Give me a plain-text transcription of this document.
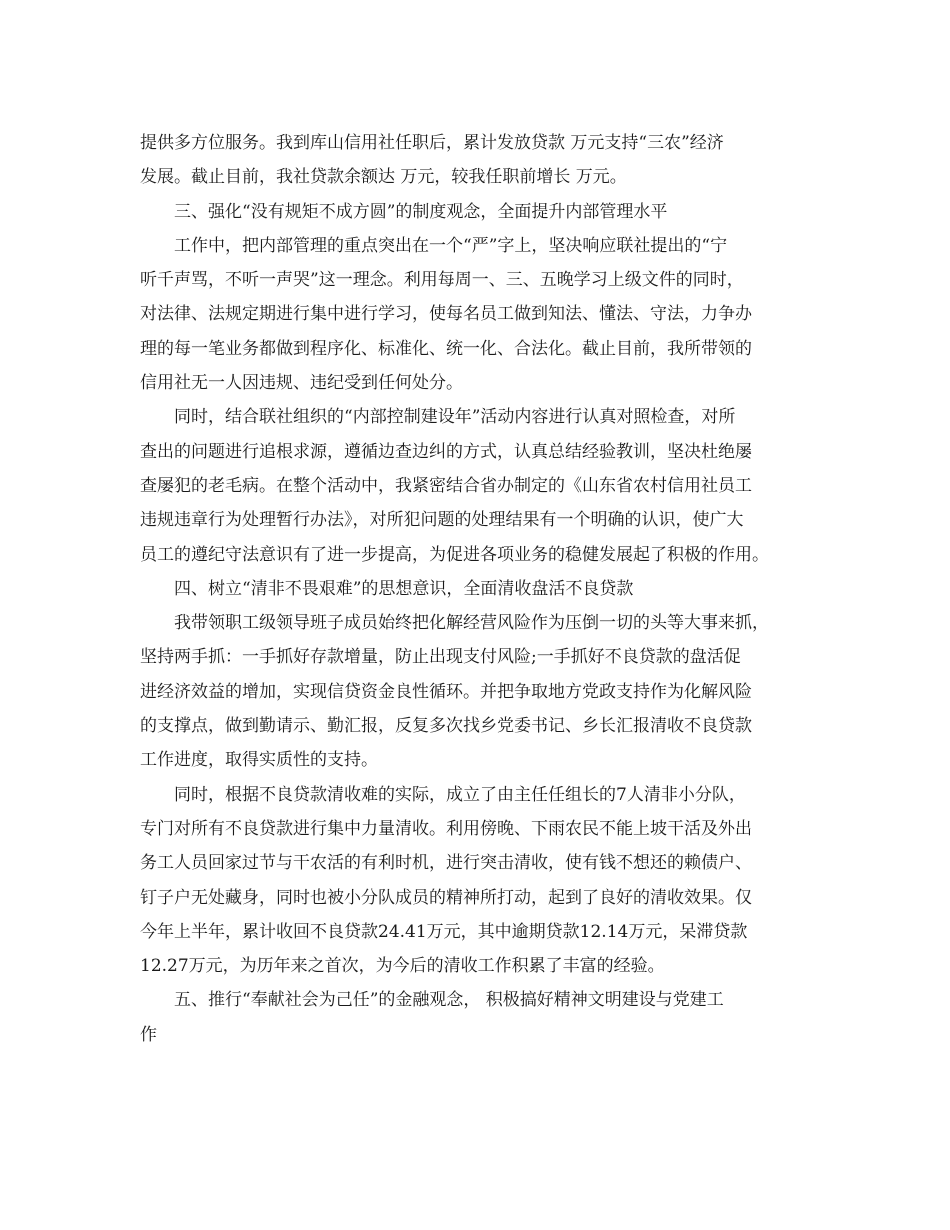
提供多方位服务。我到库山信用社任职后，累计发放贷款 万元支持“三农”经济
发展。截止目前，我社贷款余额达 万元，较我任职前增长 万元。
三、强化“没有规矩不成方圆”的制度观念，全面提升内部管理水平
工作中，把内部管理的重点突出在一个“严”字上，坚决响应联社提出的“宁
听千声骂，不听一声哭”这一理念。利用每周一、三、五晚学习上级文件的同时，
对法律、法规定期进行集中进行学习，使每名员工做到知法、懂法、守法，力争办
理的每一笔业务都做到程序化、标准化、统一化、合法化。截止目前，我所带领的
信用社无一人因违规、违纪受到任何处分。
同时，结合联社组织的“内部控制建设年”活动内容进行认真对照检查，对所
查出的问题进行追根求源，遵循边查边纠的方式，认真总结经验教训，坚决杜绝屡
查屡犯的老毛病。在整个活动中，我紧密结合省办制定的《山东省农村信用社员工
违规违章行为处理暂行办法》，对所犯问题的处理结果有一个明确的认识，使广大
员工的遵纪守法意识有了进一步提高，为促进各项业务的稳健发展起了积极的作用。
四、树立“清非不畏艰难”的思想意识，全面清收盘活不良贷款
我带领职工级领导班子成员始终把化解经营风险作为压倒一切的头等大事来抓，
坚持两手抓：一手抓好存款增量，防止出现支付风险;一手抓好不良贷款的盘活促
进经济效益的增加，实现信贷资金良性循环。并把争取地方党政支持作为化解风险
的支撑点，做到勤请示、勤汇报，反复多次找乡党委书记、乡长汇报清收不良贷款
工作进度，取得实质性的支持。
同时，根据不良贷款清收难的实际，成立了由主任任组长的7人清非小分队，
专门对所有不良贷款进行集中力量清收。利用傍晚、下雨农民不能上坡干活及外出
务工人员回家过节与干农活的有利时机，进行突击清收，使有钱不想还的赖债户、
钉子户无处藏身，同时也被小分队成员的精神所打动，起到了良好的清收效果。仅
今年上半年，累计收回不良贷款24.41万元，其中逾期贷款12.14万元，呆滞贷款
12.27万元，为历年来之首次，为今后的清收工作积累了丰富的经验。
五、推行“奉献社会为己任”的金融观念， 积极搞好精神文明建设与党建工
作
